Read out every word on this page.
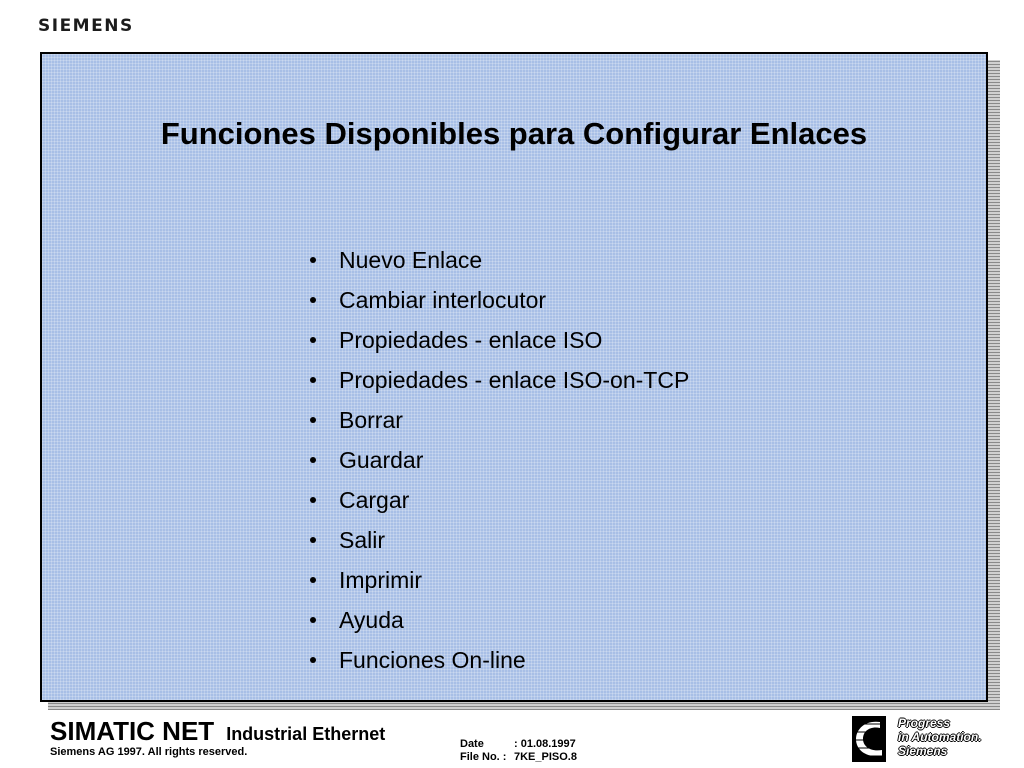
SIEMENS
Funciones Disponibles para Configurar Enlaces
Nuevo Enlace
Cambiar interlocutor
Propiedades - enlace ISO
Propiedades - enlace ISO-on-TCP
Borrar
Guardar
Cargar
Salir
Imprimir
Ayuda
Funciones On-line
SIMATIC NET Industrial Ethernet
Siemens AG 1997. All rights reserved.
Date	: 01.08.1997
File No. : 7KE_PISO.8
Progress
in Automation.
Siemens
